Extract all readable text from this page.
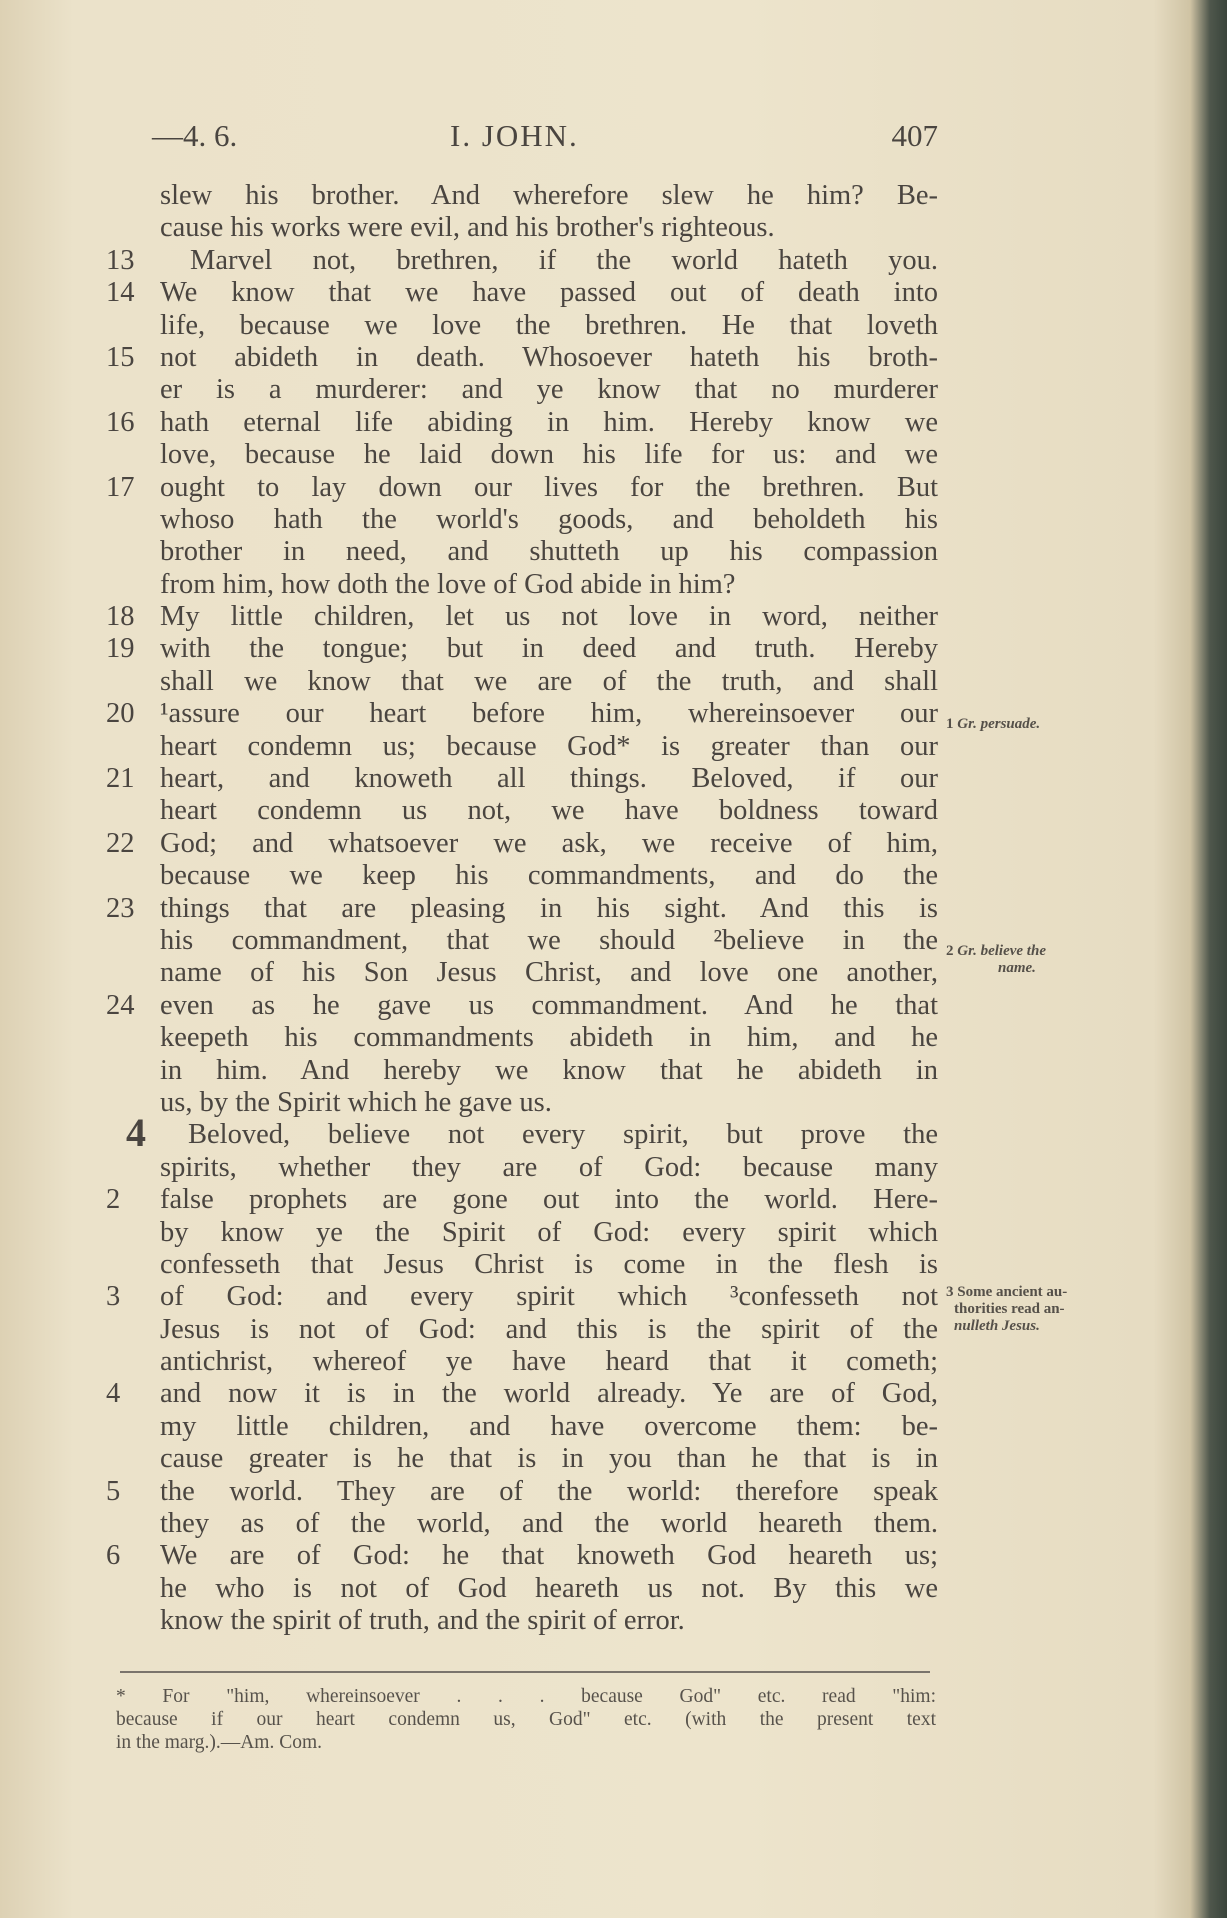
—4. 6.	I. JOHN.	407
slew his brother. And wherefore slew he him? Be-
cause his works were evil, and his brother's righteous.
13	Marvel not, brethren, if the world hateth you.
14 We know that we have passed out of death into
life, because we love the brethren. He that loveth
15 not abideth in death. Whosoever hateth his broth-
er is a murderer: and ye know that no murderer
16 hath eternal life abiding in him. Hereby know we
love, because he laid down his life for us: and we
17 ought to lay down our lives for the brethren. But
whoso hath the world's goods, and beholdeth his
brother in need, and shutteth up his compassion
from him, how doth the love of God abide in him?
18 My little children, let us not love in word, neither
19 with the tongue; but in deed and truth. Hereby
shall we know that we are of the truth, and shall
20 ¹assure our heart before him, whereinsoever our
heart condemn us; because God* is greater than our
21 heart, and knoweth all things. Beloved, if our
heart condemn us not, we have boldness toward
22 God; and whatsoever we ask, we receive of him,
because we keep his commandments, and do the
23 things that are pleasing in his sight. And this is
his commandment, that we should ²believe in the
name of his Son Jesus Christ, and love one another,
24 even as he gave us commandment. And he that
keepeth his commandments abideth in him, and he
in him. And hereby we know that he abideth in
us, by the Spirit which he gave us.
4	Beloved, believe not every spirit, but prove the
spirits, whether they are of God: because many
2	false prophets are gone out into the world. Here-
by know ye the Spirit of God: every spirit which
confesseth that Jesus Christ is come in the flesh is
3	of God: and every spirit which ³confesseth not
Jesus is not of God: and this is the spirit of the
antichrist, whereof ye have heard that it cometh;
4	and now it is in the world already. Ye are of God,
my little children, and have overcome them: be-
cause greater is he that is in you than he that is in
5	the world. They are of the world: therefore speak
they as of the world, and the world heareth them.
6	We are of God: he that knoweth God heareth us;
he who is not of God heareth us not. By this we
know the spirit of truth, and the spirit of error.
1 Gr. persuade.
2 Gr. believe the
name.
3 Some ancient au-
thorities read an-
nulleth Jesus.
* For "him, whereinsoever . . . because God" etc. read "him:
because if our heart condemn us, God" etc. (with the present text
in the marg.).—Am. Com.
